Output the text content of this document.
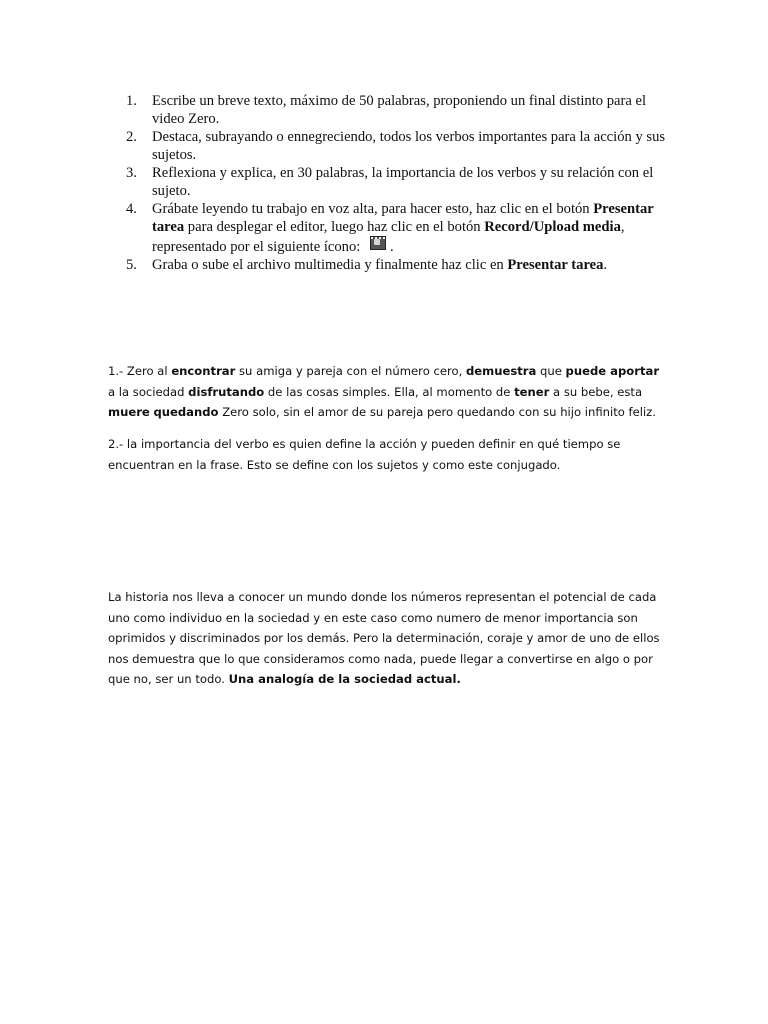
1. Escribe un breve texto, máximo de 50 palabras, proponiendo un final distinto para el video Zero.
2. Destaca, subrayando o ennegreciendo, todos los verbos importantes para la acción y sus sujetos.
3. Reflexiona y explica, en 30 palabras, la importancia de los verbos y su relación con el sujeto.
4. Grábate leyendo tu trabajo en voz alta, para hacer esto, haz clic en el botón Presentar tarea para desplegar el editor, luego haz clic en el botón Record/Upload media, representado por el siguiente ícono: .
5. Graba o sube el archivo multimedia y finalmente haz clic en Presentar tarea.

1.- Zero al encontrar su amiga y pareja con el número cero, demuestra que puede aportar a la sociedad disfrutando de las cosas simples. Ella, al momento de tener a su bebe, esta muere quedando Zero solo, sin el amor de su pareja pero quedando con su hijo infinito feliz.

2.- la importancia del verbo es quien define la acción y pueden definir en qué tiempo se encuentran en la frase. Esto se define con los sujetos y como este conjugado.

La historia nos lleva a conocer un mundo donde los números representan el potencial de cada uno como individuo en la sociedad y en este caso como numero de menor importancia son oprimidos y discriminados por los demás. Pero la determinación, coraje y amor de uno de ellos nos demuestra que lo que consideramos como nada, puede llegar a convertirse en algo o por que no, ser un todo. Una analogía de la sociedad actual.
